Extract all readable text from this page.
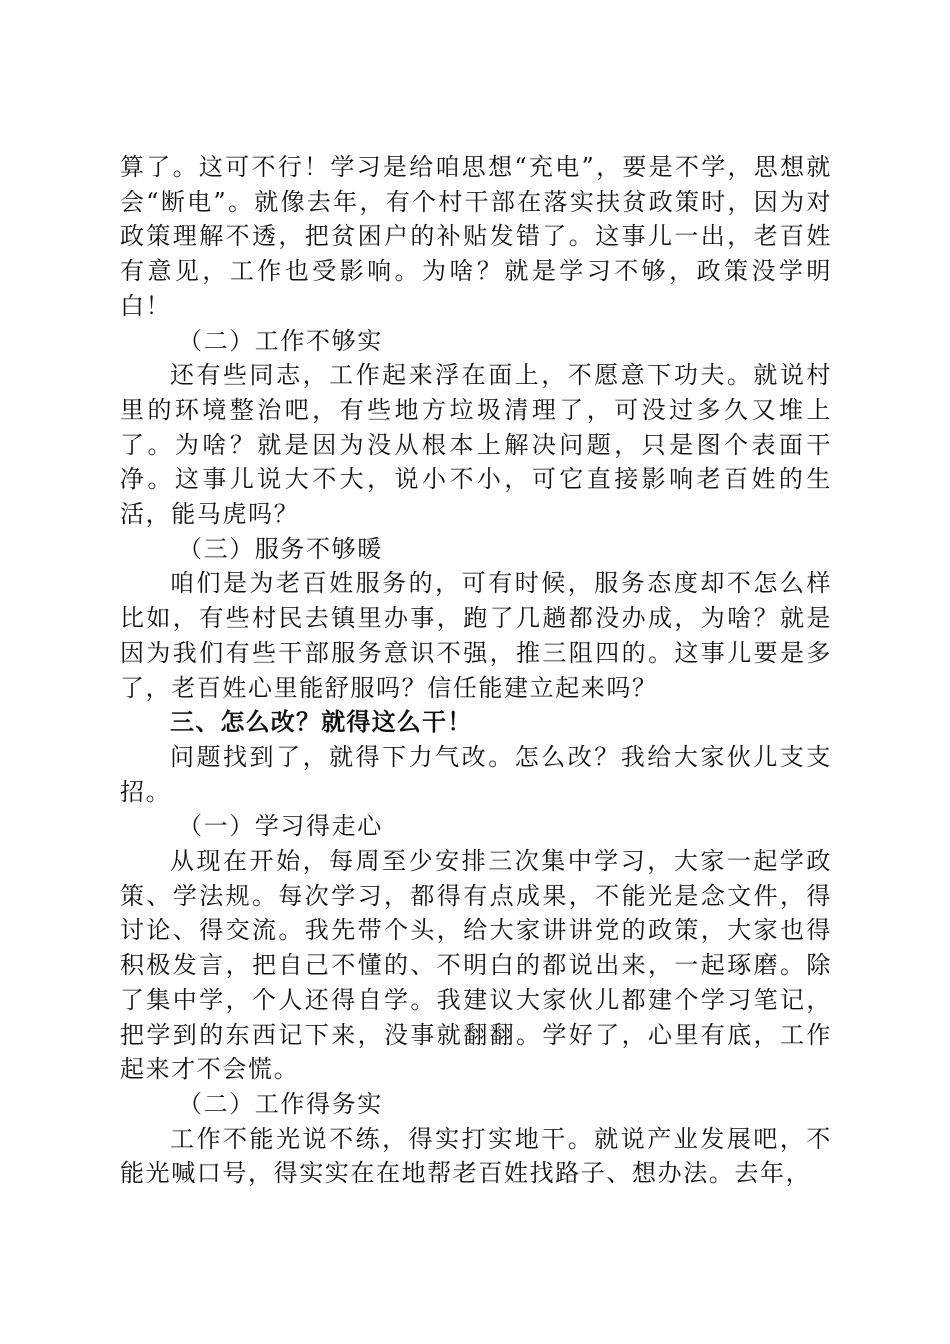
算了。这可不行！学习是给咱思想“充电”，要是不学，思想就会“断电”。就像去年，有个村干部在落实扶贫政策时，因为对政策理解不透，把贫困户的补贴发错了。这事儿一出，老百姓有意见，工作也受影响。为啥？就是学习不够，政策没学明白！

（二）工作不够实

还有些同志，工作起来浮在面上，不愿意下功夫。就说村里的环境整治吧，有些地方垃圾清理了，可没过多久又堆上了。为啥？就是因为没从根本上解决问题，只是图个表面干净。这事儿说大不大，说小不小，可它直接影响老百姓的生活，能马虎吗？

（三）服务不够暖

咱们是为老百姓服务的，可有时候，服务态度却不怎么样比如，有些村民去镇里办事，跑了几趟都没办成，为啥？就是因为我们有些干部服务意识不强，推三阻四的。这事儿要是多了，老百姓心里能舒服吗？信任能建立起来吗？

三、怎么改？就得这么干！

问题找到了，就得下力气改。怎么改？我给大家伙儿支支招。

（一）学习得走心

从现在开始，每周至少安排三次集中学习，大家一起学政策、学法规。每次学习，都得有点成果，不能光是念文件，得讨论、得交流。我先带个头，给大家讲讲党的政策，大家也得积极发言，把自己不懂的、不明白的都说出来，一起琢磨。除了集中学，个人还得自学。我建议大家伙儿都建个学习笔记，把学到的东西记下来，没事就翻翻。学好了，心里有底，工作起来才不会慌。

（二）工作得务实

工作不能光说不练，得实打实地干。就说产业发展吧，不能光喊口号，得实实在在地帮老百姓找路子、想办法。去年，
